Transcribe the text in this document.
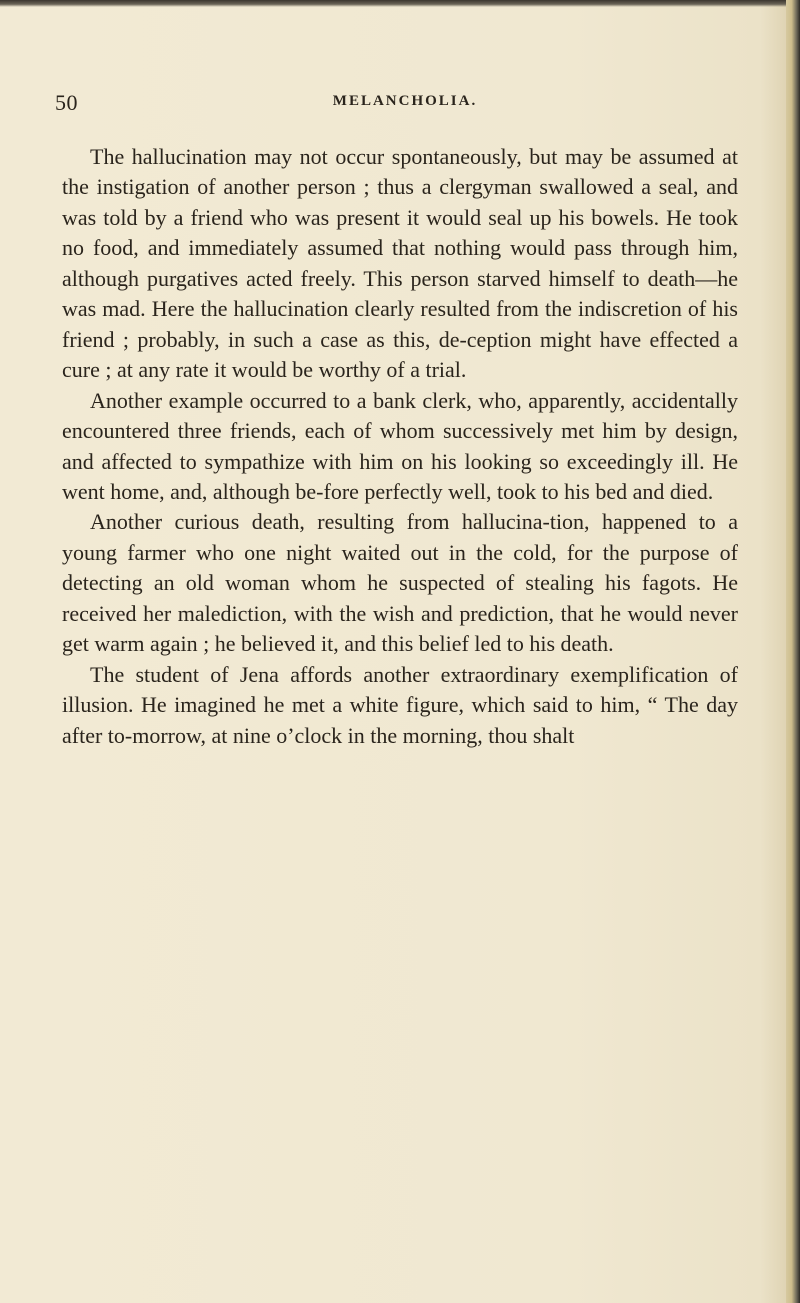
50	MELANCHOLIA.

The hallucination may not occur spontaneously, but may be assumed at the instigation of another person ; thus a clergyman swallowed a seal, and was told by a friend who was present it would seal up his bowels. He took no food, and immediately assumed that nothing would pass through him, although purgatives acted freely. This person starved himself to death—he was mad. Here the hallucination clearly resulted from the indiscretion of his friend ; probably, in such a case as this, de-ception might have effected a cure ; at any rate it would be worthy of a trial.

Another example occurred to a bank clerk, who, apparently, accidentally encountered three friends, each of whom successively met him by design, and affected to sympathize with him on his looking so exceedingly ill. He went home, and, although be-fore perfectly well, took to his bed and died.

Another curious death, resulting from hallucina-tion, happened to a young farmer who one night waited out in the cold, for the purpose of detecting an old woman whom he suspected of stealing his fagots. He received her malediction, with the wish and prediction, that he would never get warm again ; he believed it, and this belief led to his death.

The student of Jena affords another extraordinary exemplification of illusion. He imagined he met a white figure, which said to him, “ The day after to-morrow, at nine o’clock in the morning, thou shalt
